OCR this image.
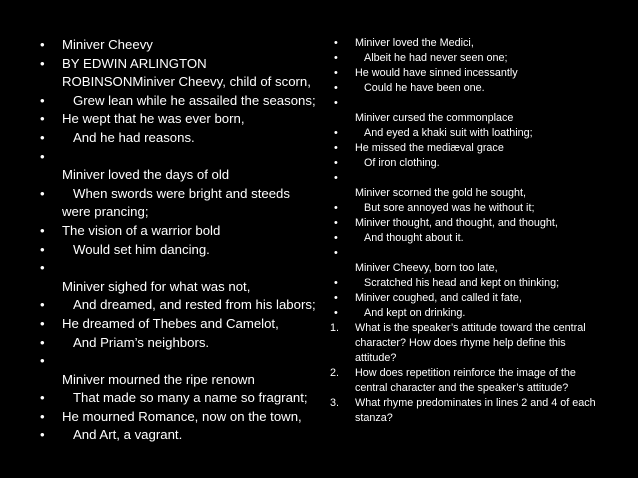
• Miniver Cheevy
• BY EDWIN ARLINGTON ROBINSONMiniver Cheevy, child of scorn,
•    Grew lean while he assailed the seasons;
• He wept that he was ever born,
•    And he had reasons.
• Miniver loved the days of old
•    When swords were bright and steeds were prancing;
• The vision of a warrior bold
•    Would set him dancing.
• Miniver sighed for what was not,
•    And dreamed, and rested from his labors;
• He dreamed of Thebes and Camelot,
•    And Priam’s neighbors.
• Miniver mourned the ripe renown
•    That made so many a name so fragrant;
• He mourned Romance, now on the town,
•    And Art, a vagrant.
• Miniver loved the Medici,
•    Albeit he had never seen one;
• He would have sinned incessantly
•    Could he have been one.
• Miniver cursed the commonplace
•    And eyed a khaki suit with loathing;
• He missed the mediæval grace
•    Of iron clothing.
• Miniver scorned the gold he sought,
•    But sore annoyed was he without it;
• Miniver thought, and thought, and thought,
•    And thought about it.
• Miniver Cheevy, born too late,
•    Scratched his head and kept on thinking;
• Miniver coughed, and called it fate,
•    And kept on drinking.
1. What is the speaker’s attitude toward the central character? How does rhyme help define this attitude?
2. How does repetition reinforce the image of the central character and the speaker’s attitude?
3. What rhyme predominates in lines 2 and 4 of each stanza?
